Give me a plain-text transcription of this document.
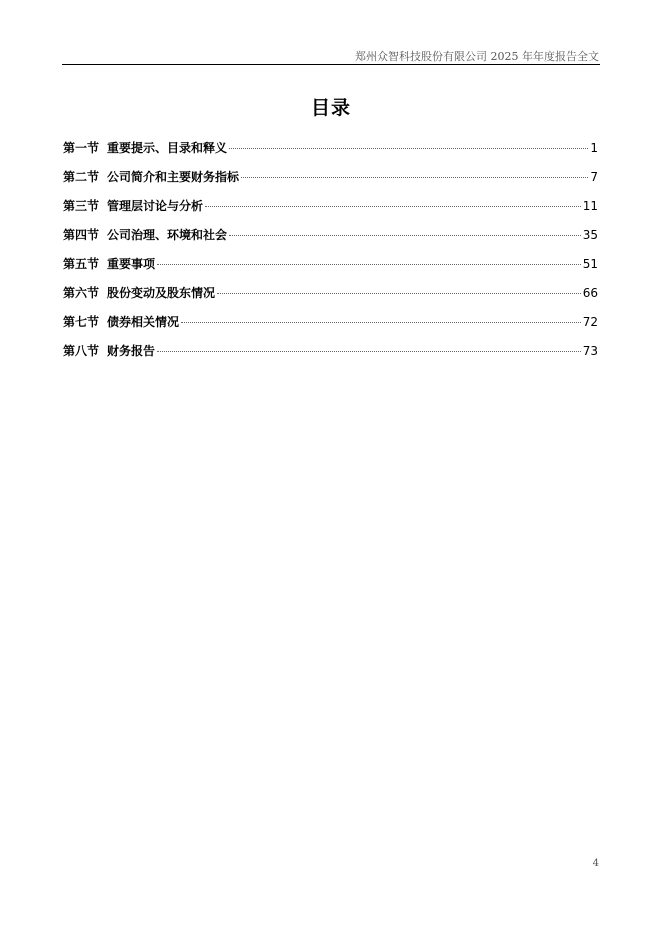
郑州众智科技股份有限公司 2025 年年度报告全文
目录
第一节 重要提示、目录和释义	1
第二节 公司简介和主要财务指标	7
第三节 管理层讨论与分析	11
第四节 公司治理、环境和社会	35
第五节 重要事项	51
第六节 股份变动及股东情况	66
第七节 债券相关情况	72
第八节 财务报告	73
4
